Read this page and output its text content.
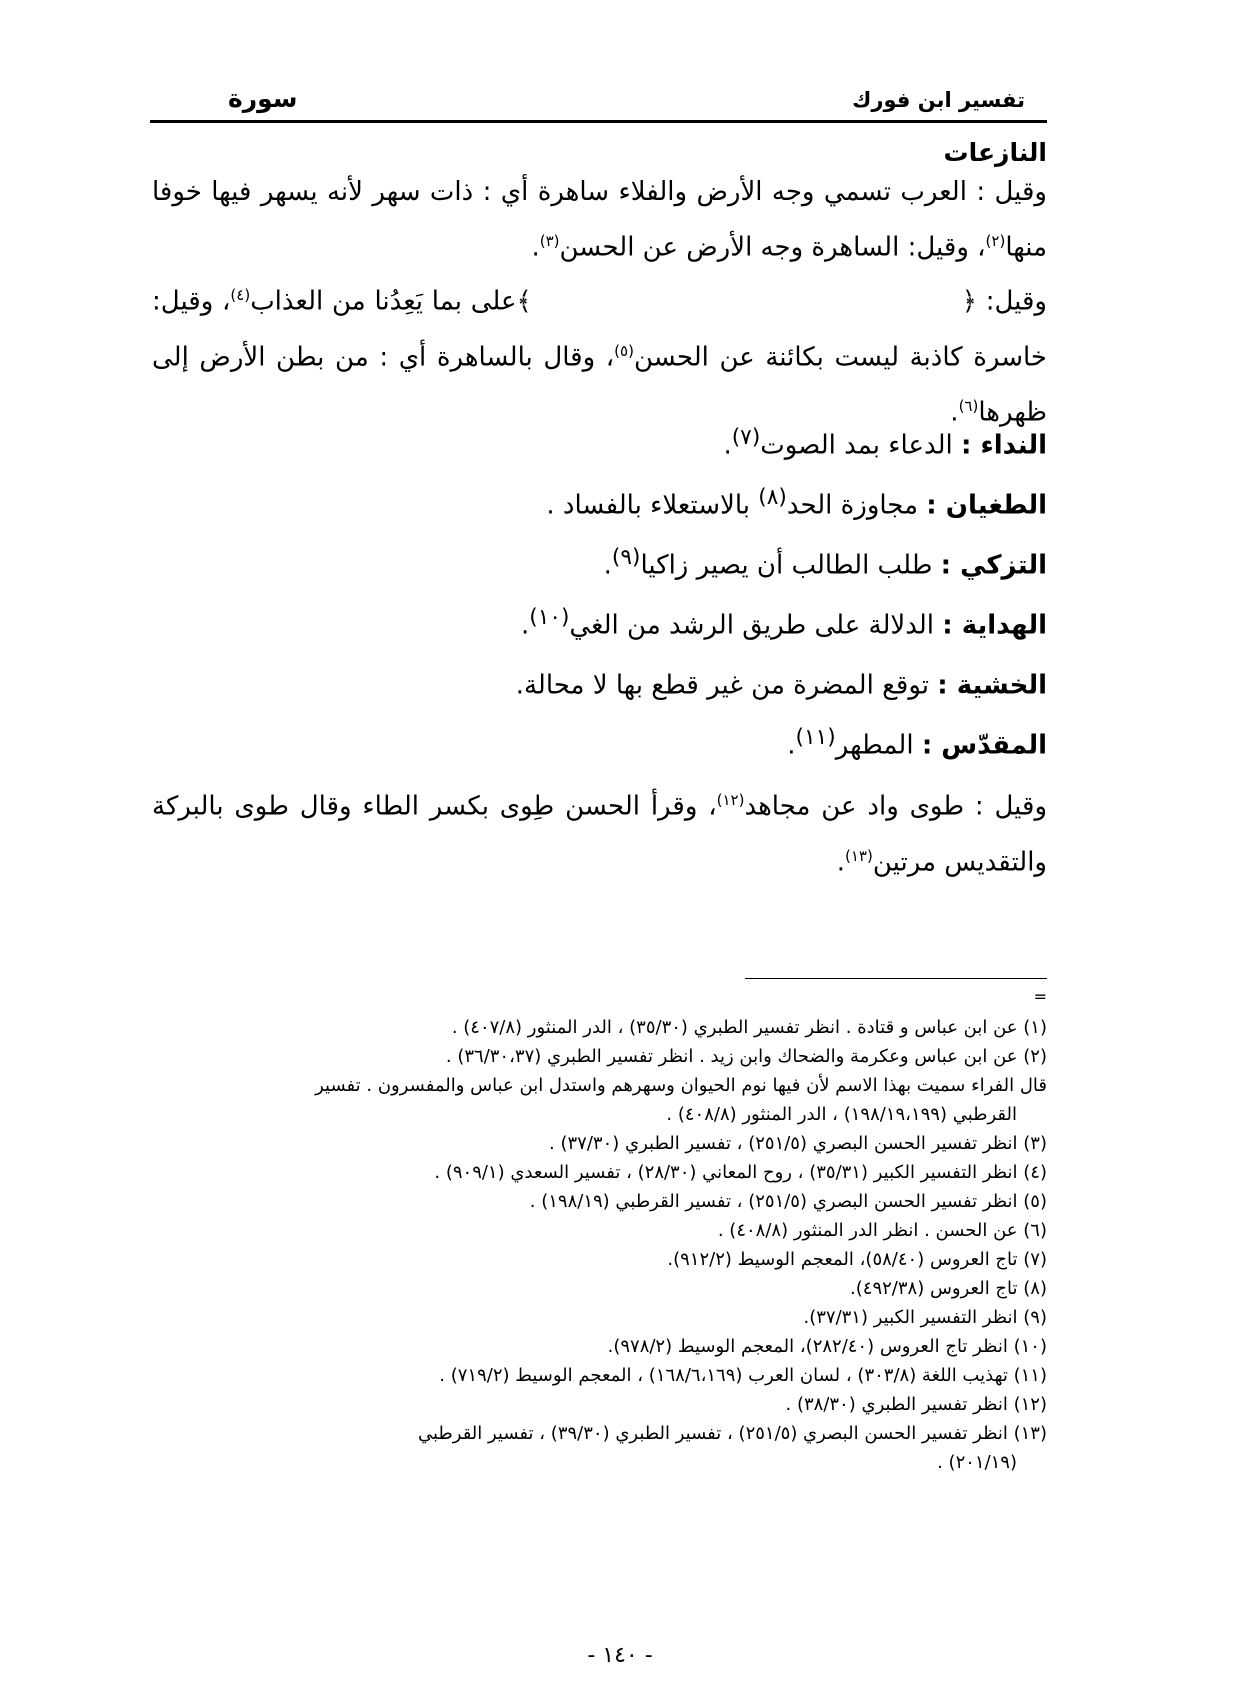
تفسير ابن فورك
سورة
النازعات
وقيل : العرب تسمي وجه الأرض والفلاء ساهرة أي : ذات سهر لأنه يسهر فيها خوفا منها$^{(٢)}$، وقيل: الساهرة وجه الأرض عن الحسن$^{(٣)}$.
وقيل: ﴿﴾على بما يَعِدُنا من العذاب$^{(٤)}$، وقيل: خاسرة كاذبة ليست بكائنة عن الحسن$^{(٥)}$، وقال بالساهرة أي : من بطن الأرض إلى ظهرها$^{(٦)}$.
النداء : الدعاء بمد الصوت$^{(٧)}$.
الطغيان : مجاوزة الحد$^{(٨)}$ بالاستعلاء بالفساد .
التزكي : طلب الطالب أن يصير زاكيا$^{(٩)}$.
الهداية : الدلالة على طريق الرشد من الغي$^{(١٠)}$.
الخشية : توقع المضرة من غير قطع بها لا محالة.
المقدّس : المطهر$^{(١١)}$.
وقيل : طوى واد عن مجاهد$^{(١٢)}$، وقرأ الحسن طِوى بكسر الطاء وقال طوى بالبركة والتقديس مرتين$^{(١٣)}$.
=
(١) عن ابن عباس و قتادة . انظر تفسير الطبري (٣٥/٣٠) ، الدر المنثور (٤٠٧/٨) .
(٢) عن ابن عباس وعكرمة والضحاك وابن زيد . انظر تفسير الطبري (٣٦/٣٠،٣٧) .
قال الفراء سميت بهذا الاسم لأن فيها نوم الحيوان وسهرهم واستدل ابن عباس والمفسرون . تفسير
القرطبي (١٩٨/١٩،١٩٩) ، الدر المنثور (٤٠٨/٨) .
(٣) انظر تفسير الحسن البصري (٢٥١/٥) ، تفسير الطبري (٣٧/٣٠) .
(٤) انظر التفسير الكبير (٣٥/٣١) ، روح المعاني (٢٨/٣٠) ، تفسير السعدي (٩٠٩/١) .
(٥) انظر تفسير الحسن البصري (٢٥١/٥) ، تفسير القرطبي (١٩٨/١٩) .
(٦) عن الحسن . انظر الدر المنثور (٤٠٨/٨) .
(٧) تاج العروس (٥٨/٤٠)، المعجم الوسيط (٩١٢/٢).
(٨) تاج العروس (٤٩٢/٣٨).
(٩) انظر التفسير الكبير (٣٧/٣١).
(١٠) انظر تاج العروس (٢٨٢/٤٠)، المعجم الوسيط (٩٧٨/٢).
(١١) تهذيب اللغة (٣٠٣/٨) ، لسان العرب (١٦٨/٦،١٦٩) ، المعجم الوسيط (٧١٩/٢) .
(١٢) انظر تفسير الطبري (٣٨/٣٠) .
(١٣) انظر تفسير الحسن البصري (٢٥١/٥) ، تفسير الطبري (٣٩/٣٠) ، تفسير القرطبي
(٢٠١/١٩) .
- ١٤٠ -
